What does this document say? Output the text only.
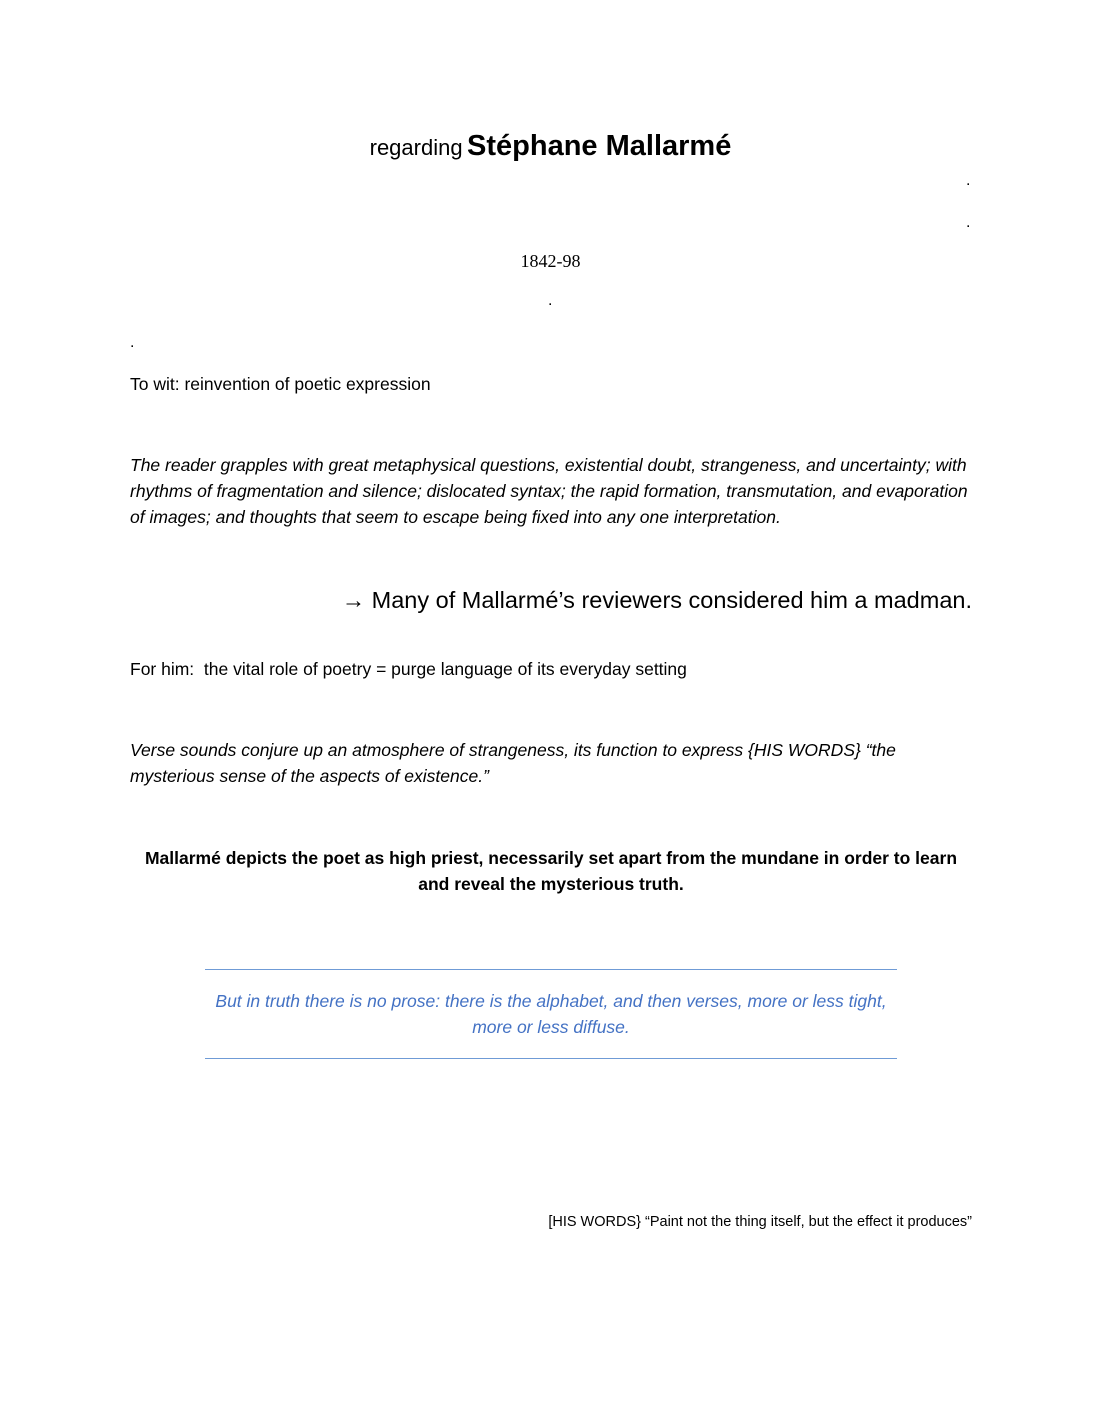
regarding Stéphane Mallarmé
.
.
1842-98
.
.
To wit: reinvention of poetic expression
The reader grapples with great metaphysical questions, existential doubt, strangeness, and uncertainty; with rhythms of fragmentation and silence; dislocated syntax; the rapid formation, transmutation, and evaporation of images; and thoughts that seem to escape being fixed into any one interpretation.
→ Many of Mallarmé’s reviewers considered him a madman.
For him:  the vital role of poetry = purge language of its everyday setting
Verse sounds conjure up an atmosphere of strangeness, its function to express {HIS WORDS} “the mysterious sense of the aspects of existence.”
Mallarmé depicts the poet as high priest, necessarily set apart from the mundane in order to learn and reveal the mysterious truth.
But in truth there is no prose: there is the alphabet, and then verses, more or less tight, more or less diffuse.
[HIS WORDS} “Paint not the thing itself, but the effect it produces”
